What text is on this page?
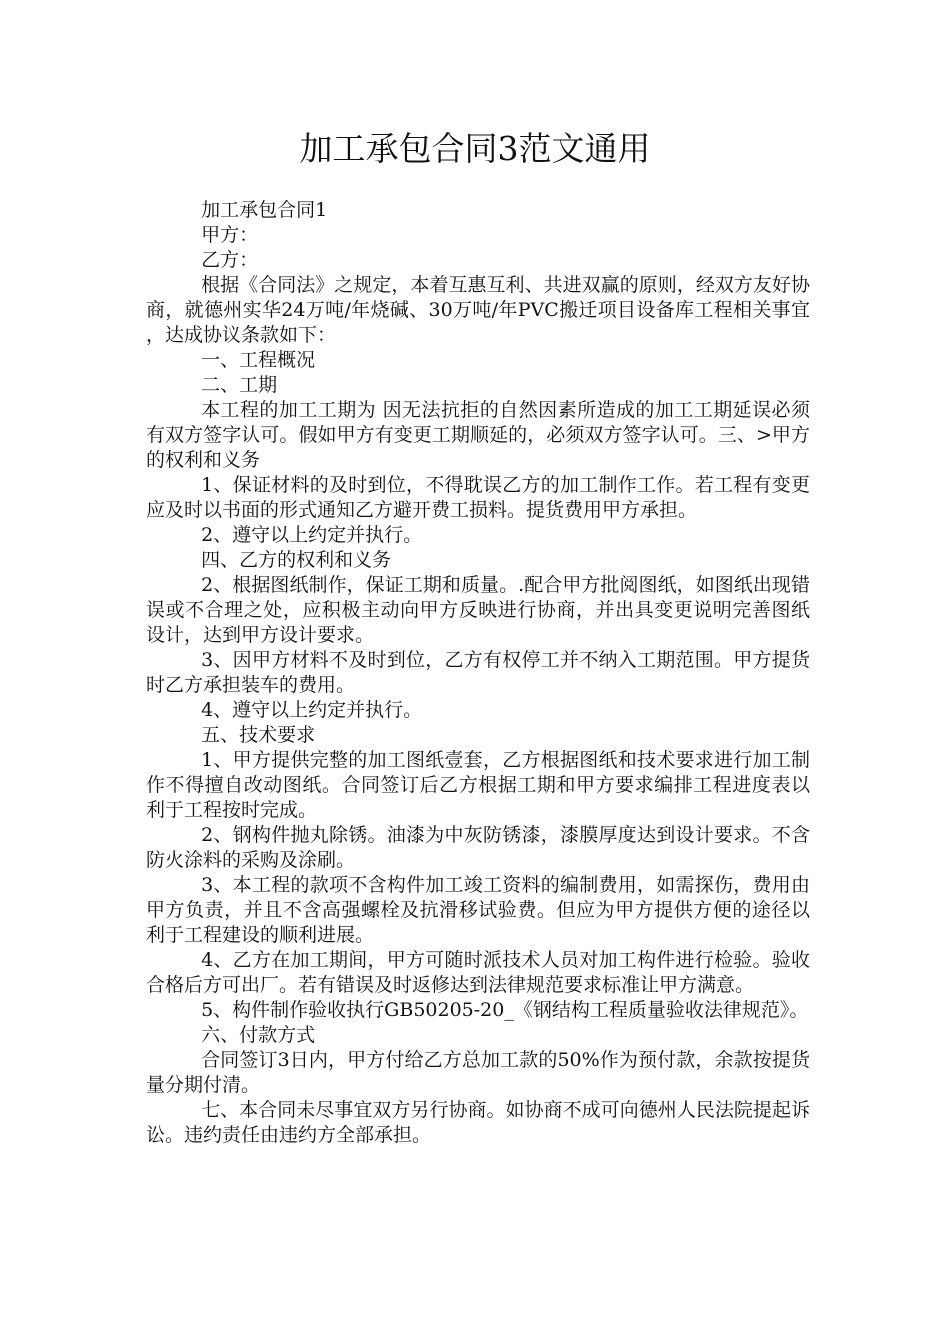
加工承包合同3范文通用

加工承包合同1

甲方：

乙方：

根据《合同法》之规定，本着互惠互利、共进双赢的原则，经双方友好协商，就德州实华24万吨/年烧碱、30万吨/年PVC搬迁项目设备库工程相关事宜，达成协议条款如下：

一、工程概况

二、工期

本工程的加工工期为 因无法抗拒的自然因素所造成的加工工期延误必须有双方签字认可。假如甲方有变更工期顺延的，必须双方签字认可。三、>甲方的权利和义务

1、保证材料的及时到位，不得耽误乙方的加工制作工作。若工程有变更应及时以书面的形式通知乙方避开费工损料。提货费用甲方承担。

2、遵守以上约定并执行。

四、乙方的权利和义务

2、根据图纸制作，保证工期和质量。.配合甲方批阅图纸，如图纸出现错误或不合理之处，应积极主动向甲方反映进行协商，并出具变更说明完善图纸设计，达到甲方设计要求。

3、因甲方材料不及时到位，乙方有权停工并不纳入工期范围。甲方提货时乙方承担装车的费用。

4、遵守以上约定并执行。

五、技术要求

1、甲方提供完整的加工图纸壹套，乙方根据图纸和技术要求进行加工制作不得擅自改动图纸。合同签订后乙方根据工期和甲方要求编排工程进度表以利于工程按时完成。

2、钢构件抛丸除锈。油漆为中灰防锈漆，漆膜厚度达到设计要求。不含防火涂料的采购及涂刷。

3、本工程的款项不含构件加工竣工资料的编制费用，如需探伤，费用由甲方负责，并且不含高强螺栓及抗滑移试验费。但应为甲方提供方便的途径以利于工程建设的顺利进展。

4、乙方在加工期间，甲方可随时派技术人员对加工构件进行检验。验收合格后方可出厂。若有错误及时返修达到法律规范要求标准让甲方满意。

5、构件制作验收执行GB50205-20_《钢结构工程质量验收法律规范》。

六、付款方式

合同签订3日内，甲方付给乙方总加工款的50%作为预付款，余款按提货量分期付清。

七、本合同未尽事宜双方另行协商。如协商不成可向德州人民法院提起诉讼。违约责任由违约方全部承担。
